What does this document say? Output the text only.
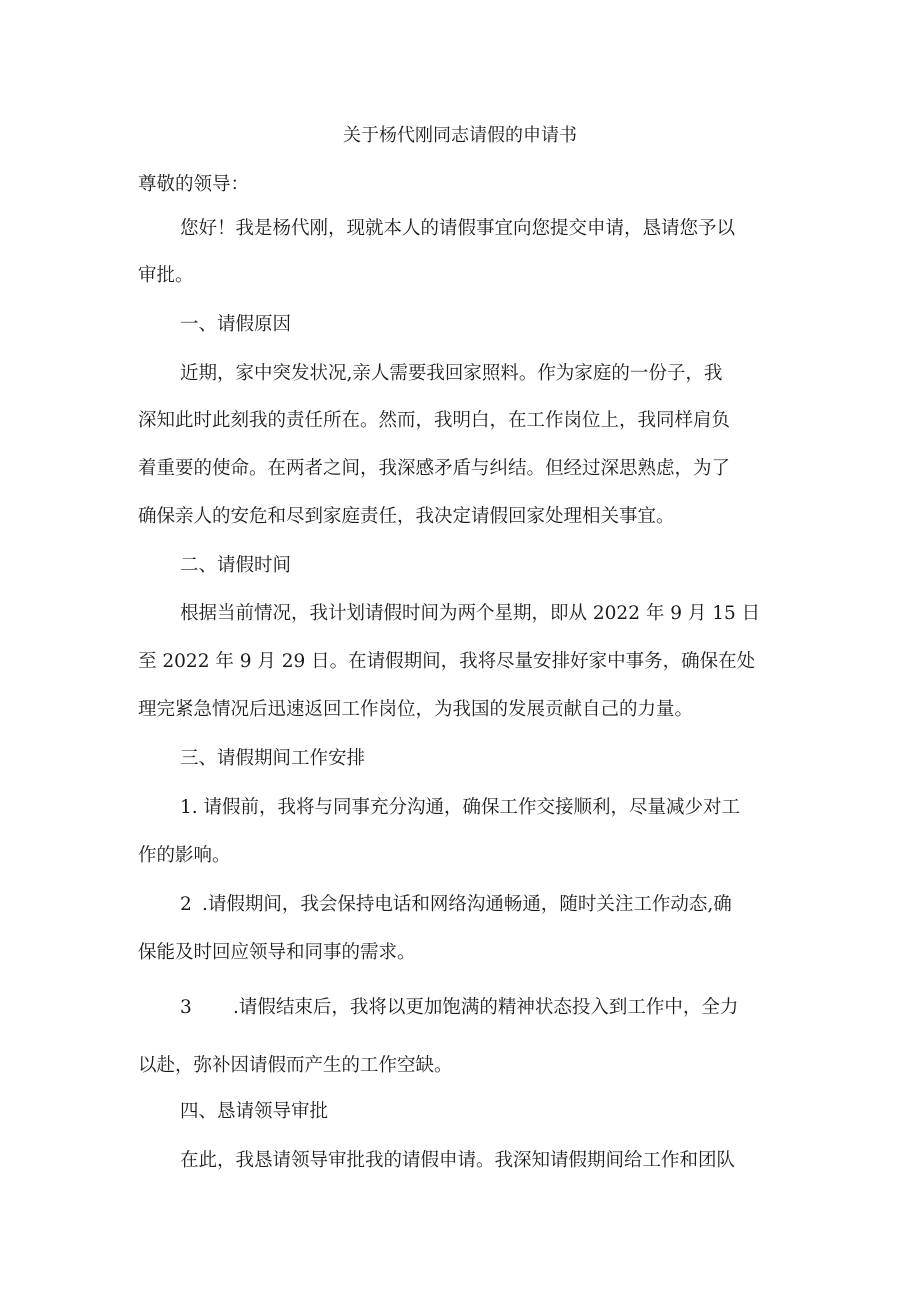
关于杨代刚同志请假的申请书
尊敬的领导：
您好！我是杨代刚，现就本人的请假事宜向您提交申请，恳请您予以
审批。
一、请假原因
近期，家中突发状况,亲人需要我回家照料。作为家庭的一份子，我
深知此时此刻我的责任所在。然而，我明白，在工作岗位上，我同样肩负
着重要的使命。在两者之间，我深感矛盾与纠结。但经过深思熟虑，为了
确保亲人的安危和尽到家庭责任，我决定请假回家处理相关事宜。
二、请假时间
根据当前情况，我计划请假时间为两个星期，即从 2022 年 9 月 15 日
至 2022 年 9 月 29 日。在请假期间，我将尽量安排好家中事务，确保在处
理完紧急情况后迅速返回工作岗位，为我国的发展贡献自己的力量。
三、请假期间工作安排
1. 请假前，我将与同事充分沟通，确保工作交接顺利，尽量减少对工
作的影响。
2 .请假期间，我会保持电话和网络沟通畅通，随时关注工作动态,确
保能及时回应领导和同事的需求。
3 .请假结束后，我将以更加饱满的精神状态投入到工作中，全力
以赴，弥补因请假而产生的工作空缺。
四、恳请领导审批
在此，我恳请领导审批我的请假申请。我深知请假期间给工作和团队
